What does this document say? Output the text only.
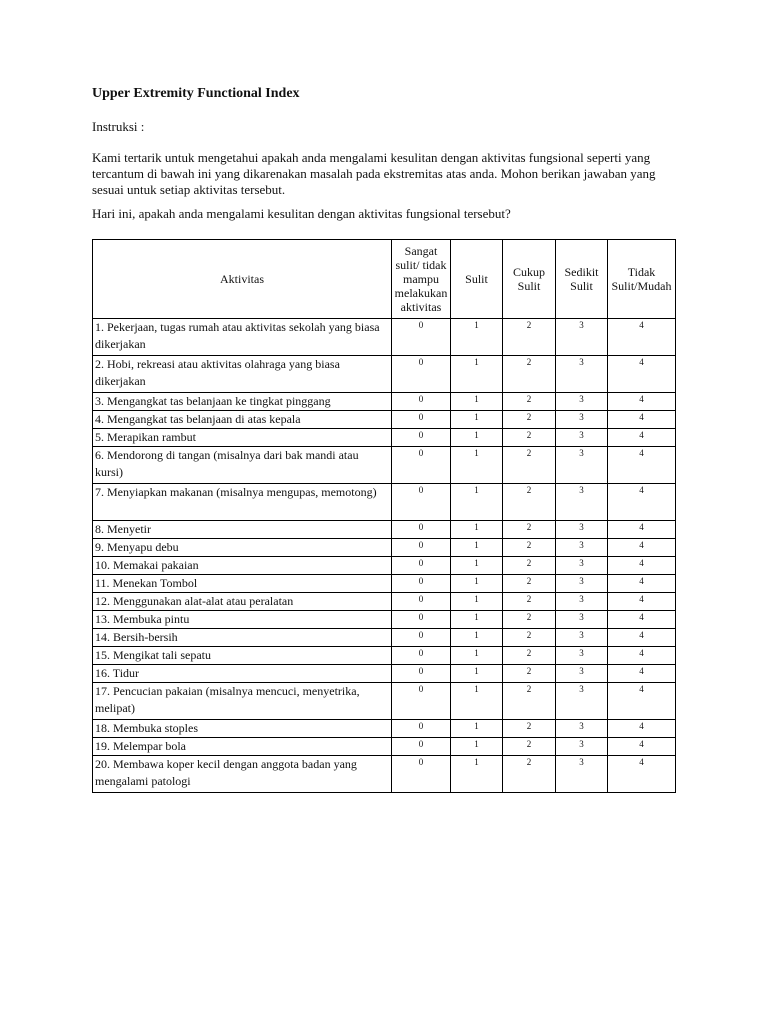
Upper Extremity Functional Index
Instruksi :
Kami tertarik untuk mengetahui apakah anda mengalami kesulitan dengan aktivitas fungsional seperti yang tercantum di bawah ini yang dikarenakan masalah pada ekstremitas atas anda. Mohon berikan jawaban yang sesuai untuk setiap aktivitas tersebut.
Hari ini, apakah anda mengalami kesulitan dengan aktivitas fungsional tersebut?
Aktivitas	Sangat sulit/ tidak mampu melakukan aktivitas	Sulit	Cukup Sulit	Sedikit Sulit	Tidak Sulit/Mudah
1. Pekerjaan, tugas rumah atau aktivitas sekolah yang biasa dikerjakan	0	1	2	3	4
2. Hobi, rekreasi atau aktivitas olahraga yang biasa dikerjakan	0	1	2	3	4
3. Mengangkat tas belanjaan ke tingkat pinggang	0	1	2	3	4
4. Mengangkat tas belanjaan di atas kepala	0	1	2	3	4
5. Merapikan rambut	0	1	2	3	4
6. Mendorong di tangan (misalnya dari bak mandi atau kursi)	0	1	2	3	4
7. Menyiapkan makanan (misalnya mengupas, memotong)	0	1	2	3	4
8. Menyetir	0	1	2	3	4
9. Menyapu debu	0	1	2	3	4
10. Memakai pakaian	0	1	2	3	4
11. Menekan Tombol	0	1	2	3	4
12. Menggunakan alat-alat atau peralatan	0	1	2	3	4
13. Membuka pintu	0	1	2	3	4
14. Bersih-bersih	0	1	2	3	4
15. Mengikat tali sepatu	0	1	2	3	4
16. Tidur	0	1	2	3	4
17. Pencucian pakaian (misalnya mencuci, menyetrika, melipat)	0	1	2	3	4
18. Membuka stoples	0	1	2	3	4
19. Melempar bola	0	1	2	3	4
20. Membawa koper kecil dengan anggota badan yang mengalami patologi	0	1	2	3	4
